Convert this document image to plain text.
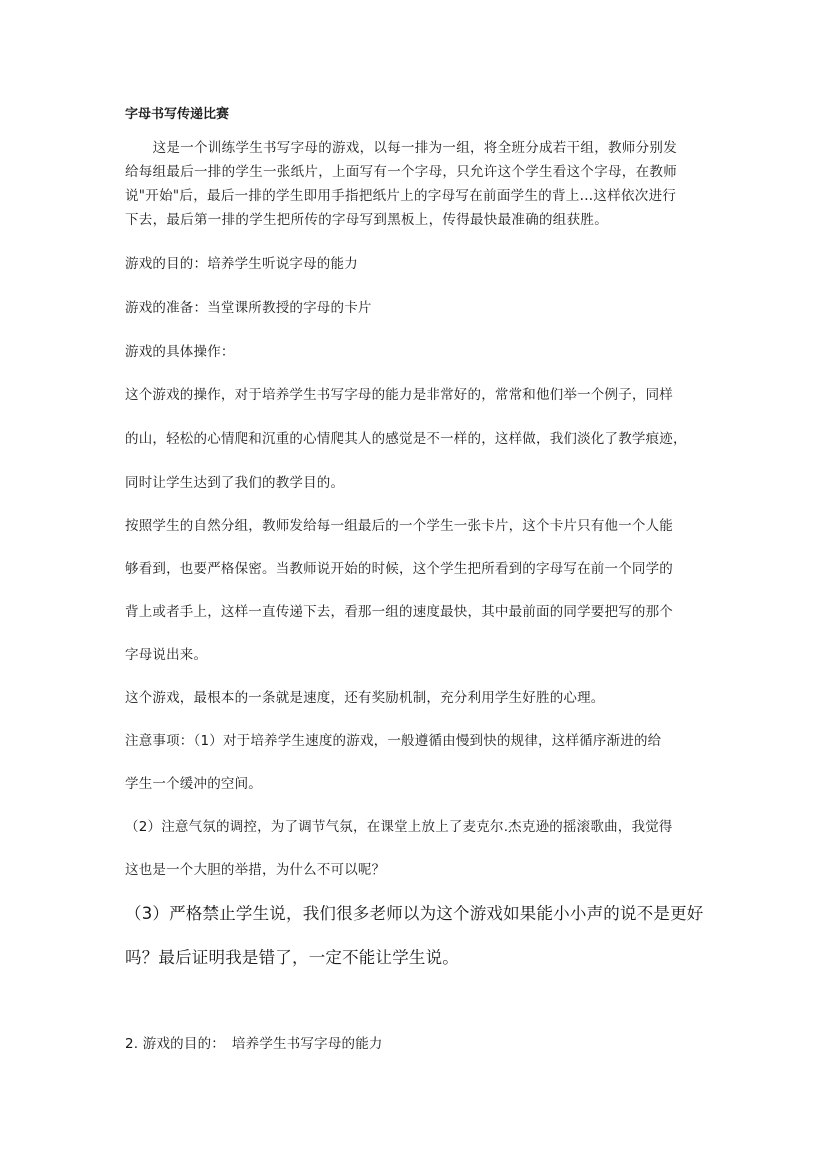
字母书写传递比赛

　　这是一个训练学生书写字母的游戏，以每一排为一组，将全班分成若干组，教师分别发

给每组最后一排的学生一张纸片，上面写有一个字母，只允许这个学生看这个字母，在教师

说"开始"后，最后一排的学生即用手指把纸片上的字母写在前面学生的背上...这样依次进行

下去，最后第一排的学生把所传的字母写到黑板上，传得最快最准确的组获胜。

游戏的目的：培养学生听说字母的能力

游戏的准备：当堂课所教授的字母的卡片

游戏的具体操作：

这个游戏的操作，对于培养学生书写字母的能力是非常好的，常常和他们举一个例子，同样

的山，轻松的心情爬和沉重的心情爬其人的感觉是不一样的，这样做，我们淡化了教学痕迹，

同时让学生达到了我们的教学目的。

按照学生的自然分组，教师发给每一组最后的一个学生一张卡片，这个卡片只有他一个人能

够看到，也要严格保密。当教师说开始的时候，这个学生把所看到的字母写在前一个同学的

背上或者手上，这样一直传递下去，看那一组的速度最快，其中最前面的同学要把写的那个

字母说出来。

这个游戏，最根本的一条就是速度，还有奖励机制，充分利用学生好胜的心理。

注意事项：（1）对于培养学生速度的游戏，一般遵循由慢到快的规律，这样循序渐进的给

学生一个缓冲的空间。

（2）注意气氛的调控，为了调节气氛，在课堂上放上了麦克尔.杰克逊的摇滚歌曲，我觉得

这也是一个大胆的举措，为什么不可以呢？

（3）严格禁止学生说，我们很多老师以为这个游戏如果能小小声的说不是更好

吗？最后证明我是错了，一定不能让学生说。

2. 游戏的目的：　培养学生书写字母的能力
